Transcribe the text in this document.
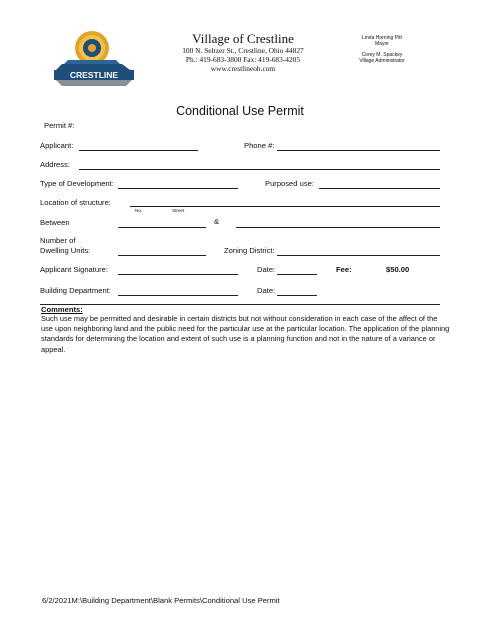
CRESTLINE
Village of Crestline
100 N. Seltzer St., Crestline, Ohio 44827
Ph.: 419-683-3800 Fax: 419-683-4205
www.crestlineoh.com
Linda Horning Pitt
Mayor
Corey M. Spackey
Village Administrator
Conditional Use Permit
Permit #:
Applicant:	Phone #:
Address:
Type of Development:	Purposed use:
Location of structure:
No.	Street
Between	&
Number of
Dwelling Units:	Zoning District:
Applicant Signature:	Date:	Fee:	$50.00
Building Department:	Date:
Comments:
Such use may be permitted and desirable in certain districts but not without consideration in each case of the affect of the use upon neighboring land and the public need for the particular use at the particular location. The application of the planning standards for determining the location and extent of such use is a planning function and not in the nature of a variance or appeal.
6/2/2021M:\Building Department\Blank Permits\Conditional Use Permit
